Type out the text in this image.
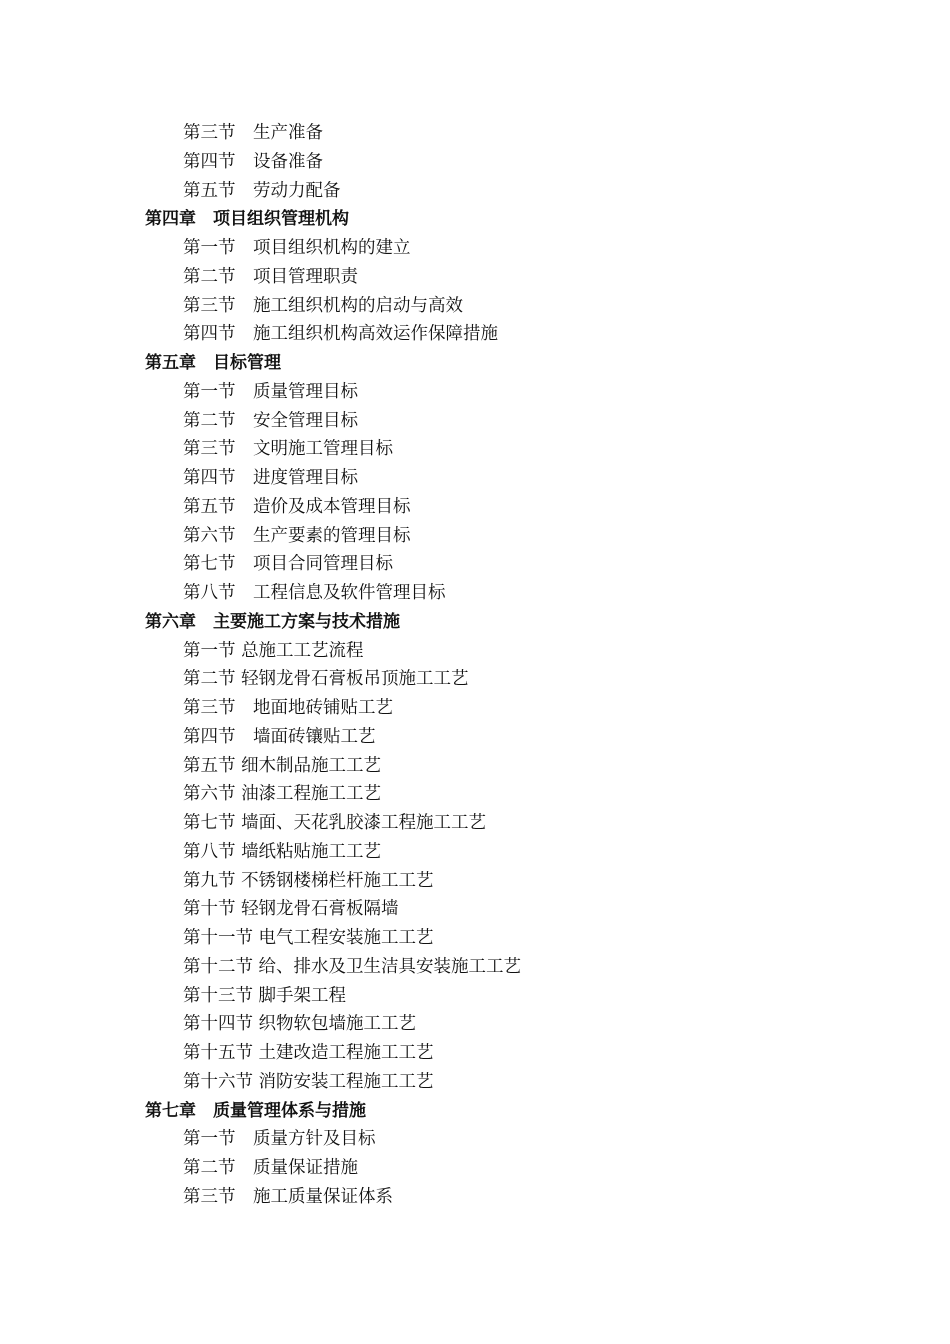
第三节　生产准备
第四节　设备准备
第五节　劳动力配备
第四章　项目组织管理机构
第一节　项目组织机构的建立
第二节　项目管理职责
第三节　施工组织机构的启动与高效
第四节　施工组织机构高效运作保障措施
第五章　目标管理
第一节　质量管理目标
第二节　安全管理目标
第三节　文明施工管理目标
第四节　进度管理目标
第五节　造价及成本管理目标
第六节　生产要素的管理目标
第七节　项目合同管理目标
第八节　工程信息及软件管理目标
第六章　主要施工方案与技术措施
第一节 总施工工艺流程
第二节 轻钢龙骨石膏板吊顶施工工艺
第三节　地面地砖铺贴工艺
第四节　墙面砖镶贴工艺
第五节 细木制品施工工艺
第六节 油漆工程施工工艺
第七节 墙面、天花乳胶漆工程施工工艺
第八节 墙纸粘贴施工工艺
第九节 不锈钢楼梯栏杆施工工艺
第十节 轻钢龙骨石膏板隔墙
第十一节 电气工程安装施工工艺
第十二节 给、排水及卫生洁具安装施工工艺
第十三节 脚手架工程
第十四节 织物软包墙施工工艺
第十五节 土建改造工程施工工艺
第十六节 消防安装工程施工工艺
第七章　质量管理体系与措施
第一节　质量方针及目标
第二节　质量保证措施
第三节　施工质量保证体系
